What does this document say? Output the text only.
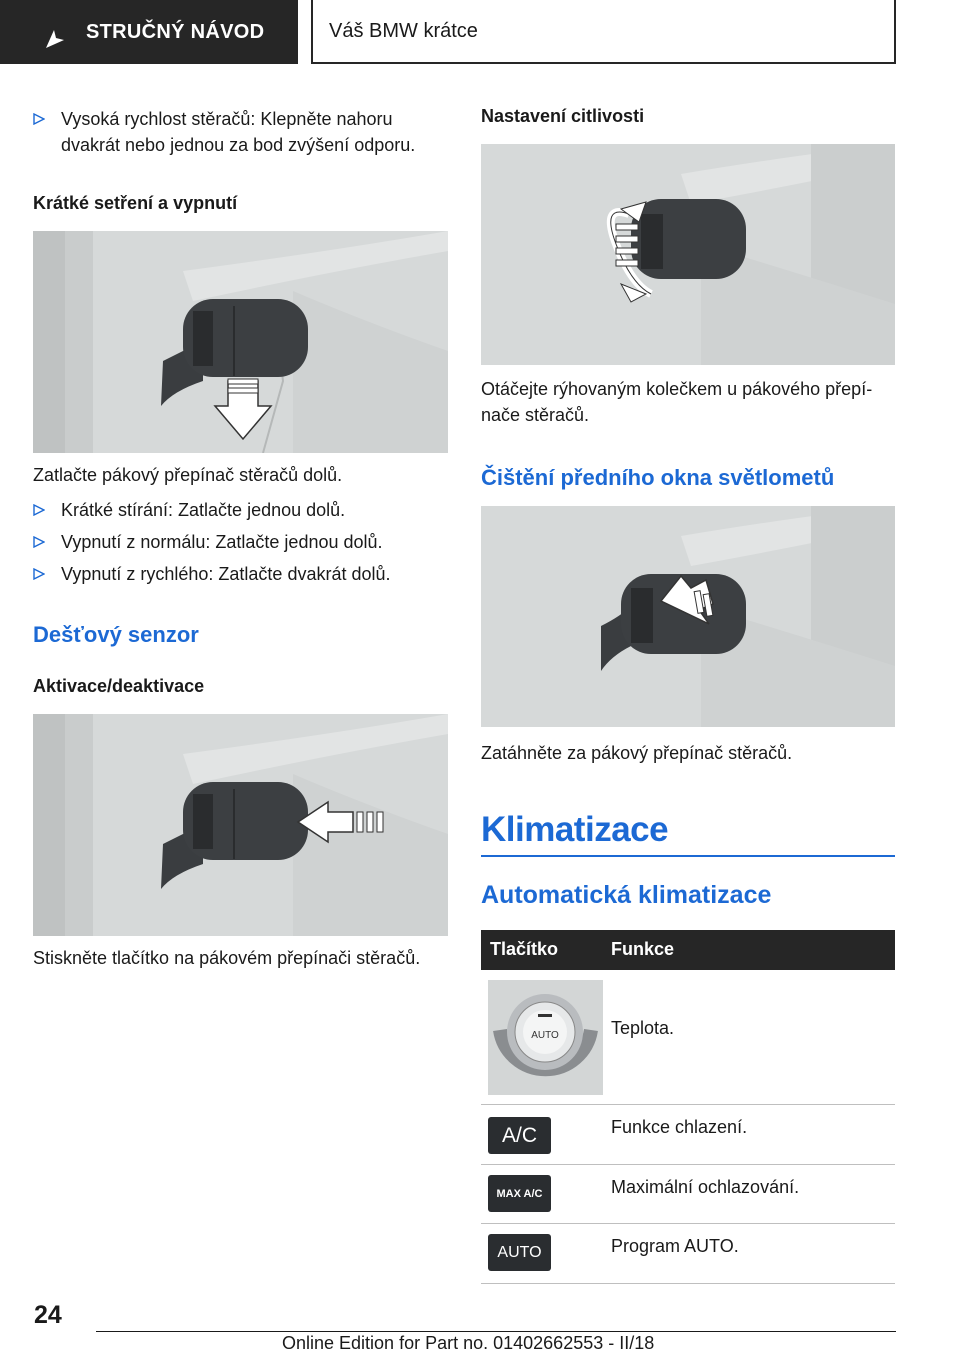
STRUČNÝ NÁVOD	Váš BMW krátce
Vysoká rychlost stěračů: Klepněte nahoru
dvakrát nebo jednou za bod zvýšení odporu.
Krátké setření a vypnutí
Zatlačte pákový přepínač stěračů dolů.
Krátké stírání: Zatlačte jednou dolů.
Vypnutí z normálu: Zatlačte jednou dolů.
Vypnutí z rychlého: Zatlačte dvakrát dolů.
Dešťový senzor
Aktivace/deaktivace
Stiskněte tlačítko na pákovém přepínači stěračů.
Nastavení citlivosti
Otáčejte rýhovaným kolečkem u pákového přepí-
nače stěračů.
Čištění předního okna světlometů
Zatáhněte za pákový přepínač stěračů.
Klimatizace
Automatická klimatizace
Tlačítko	Funkce
AUTO	Teplota.
A/C	Funkce chlazení.
MAX A/C	Maximální ochlazování.
AUTO	Program AUTO.
24
Online Edition for Part no. 01402662553 - II/18
